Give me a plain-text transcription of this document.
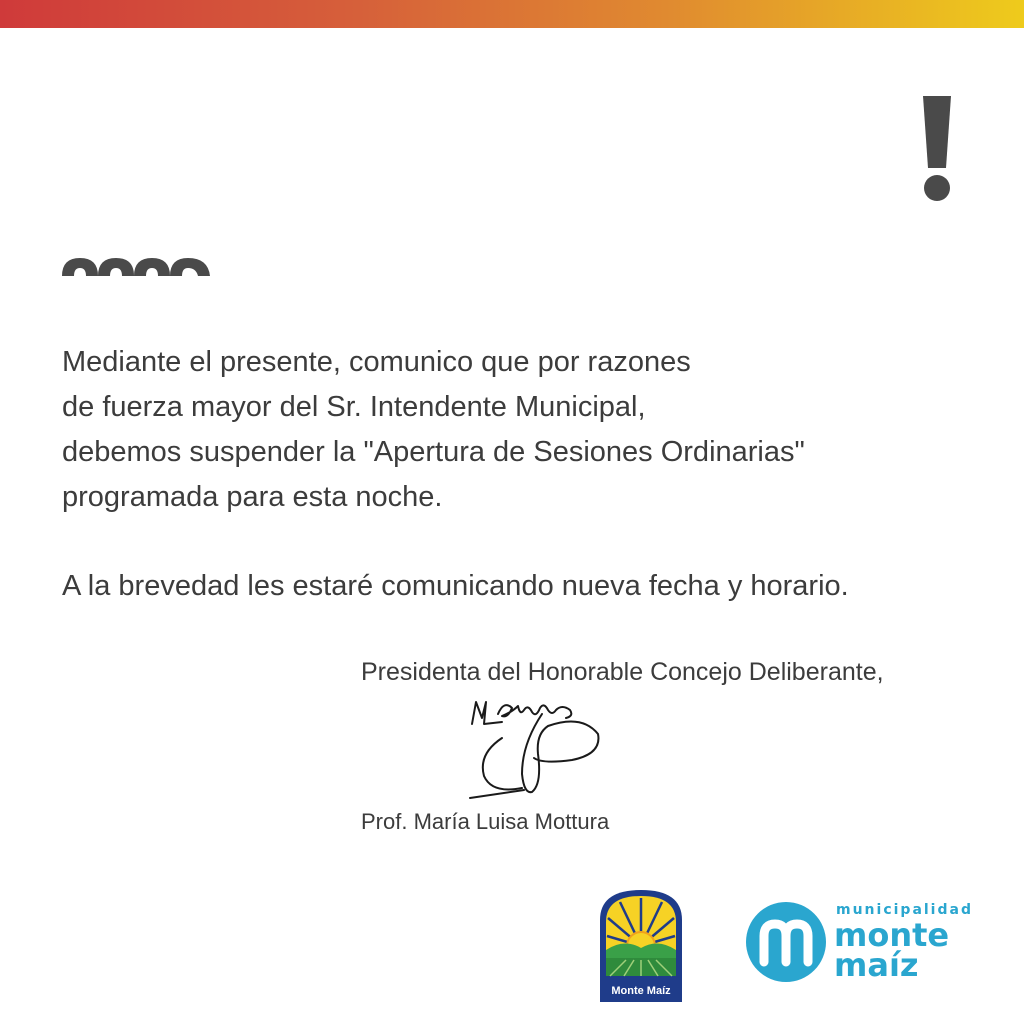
Mediante el presente, comunico que por razones
de fuerza mayor del Sr. Intendente Municipal,
debemos suspender la "Apertura de Sesiones Ordinarias"
programada para esta noche.

A la brevedad les estaré comunicando nueva fecha y horario.

Presidenta del Honorable Concejo Deliberante,
Prof. María Luisa Mottura
Monte Maíz
municipalidad
monte
maíz
